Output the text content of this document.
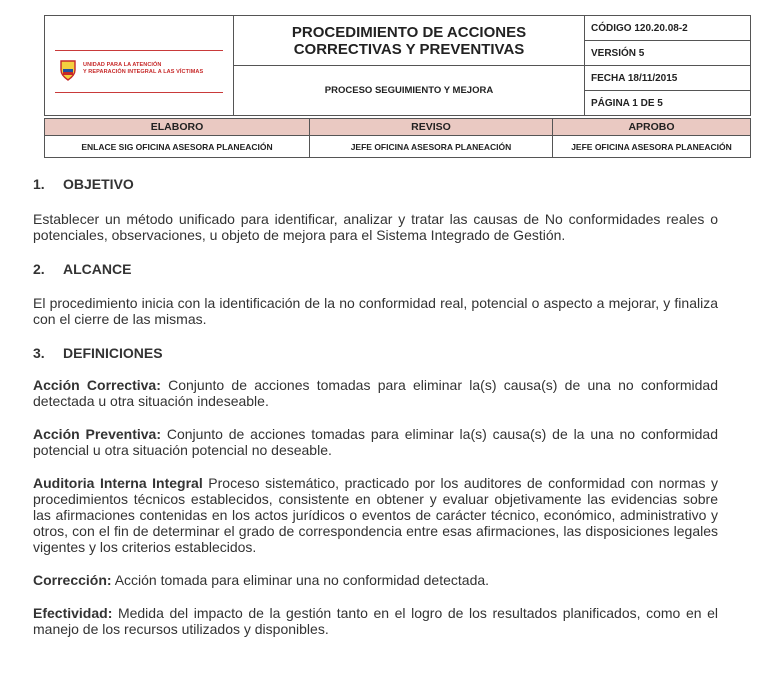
UNIDAD PARA LA ATENCIÓN
Y REPARACIÓN INTEGRAL A LAS VÍCTIMAS	PROCEDIMIENTO DE ACCIONES CORRECTIVAS Y PREVENTIVAS	CÓDIGO 120.20.08-2
		VERSIÓN 5

	PROCESO SEGUIMIENTO Y MEJORA	FECHA 18/11/2015
		PÁGINA 1 DE 5
ELABORO	REVISO	APROBO
ENLACE SIG OFICINA ASESORA PLANEACIÓN	JEFE OFICINA ASESORA PLANEACIÓN	JEFE OFICINA ASESORA PLANEACIÓN
1. OBJETIVO

Establecer un método unificado para identificar, analizar y tratar las causas de No conformidades reales o potenciales, observaciones, u objeto de mejora para el Sistema Integrado de Gestión.

2. ALCANCE

El procedimiento inicia con la identificación de la no conformidad real, potencial o aspecto a mejorar, y finaliza con el cierre de las mismas.

3. DEFINICIONES

Acción Correctiva: Conjunto de acciones tomadas para eliminar la(s) causa(s) de una no conformidad detectada u otra situación indeseable.

Acción Preventiva: Conjunto de acciones tomadas para eliminar la(s) causa(s) de la una no conformidad potencial u otra situación potencial no deseable.

Auditoria Interna Integral Proceso sistemático, practicado por los auditores de conformidad con normas y procedimientos técnicos establecidos, consistente en obtener y evaluar objetivamente las evidencias sobre las afirmaciones contenidas en los actos jurídicos o eventos de carácter técnico, económico, administrativo y otros, con el fin de determinar el grado de correspondencia entre esas afirmaciones, las disposiciones legales vigentes y los criterios establecidos.

Corrección: Acción tomada para eliminar una no conformidad detectada.

Efectividad: Medida del impacto de la gestión tanto en el logro de los resultados planificados, como en el manejo de los recursos utilizados y disponibles.
